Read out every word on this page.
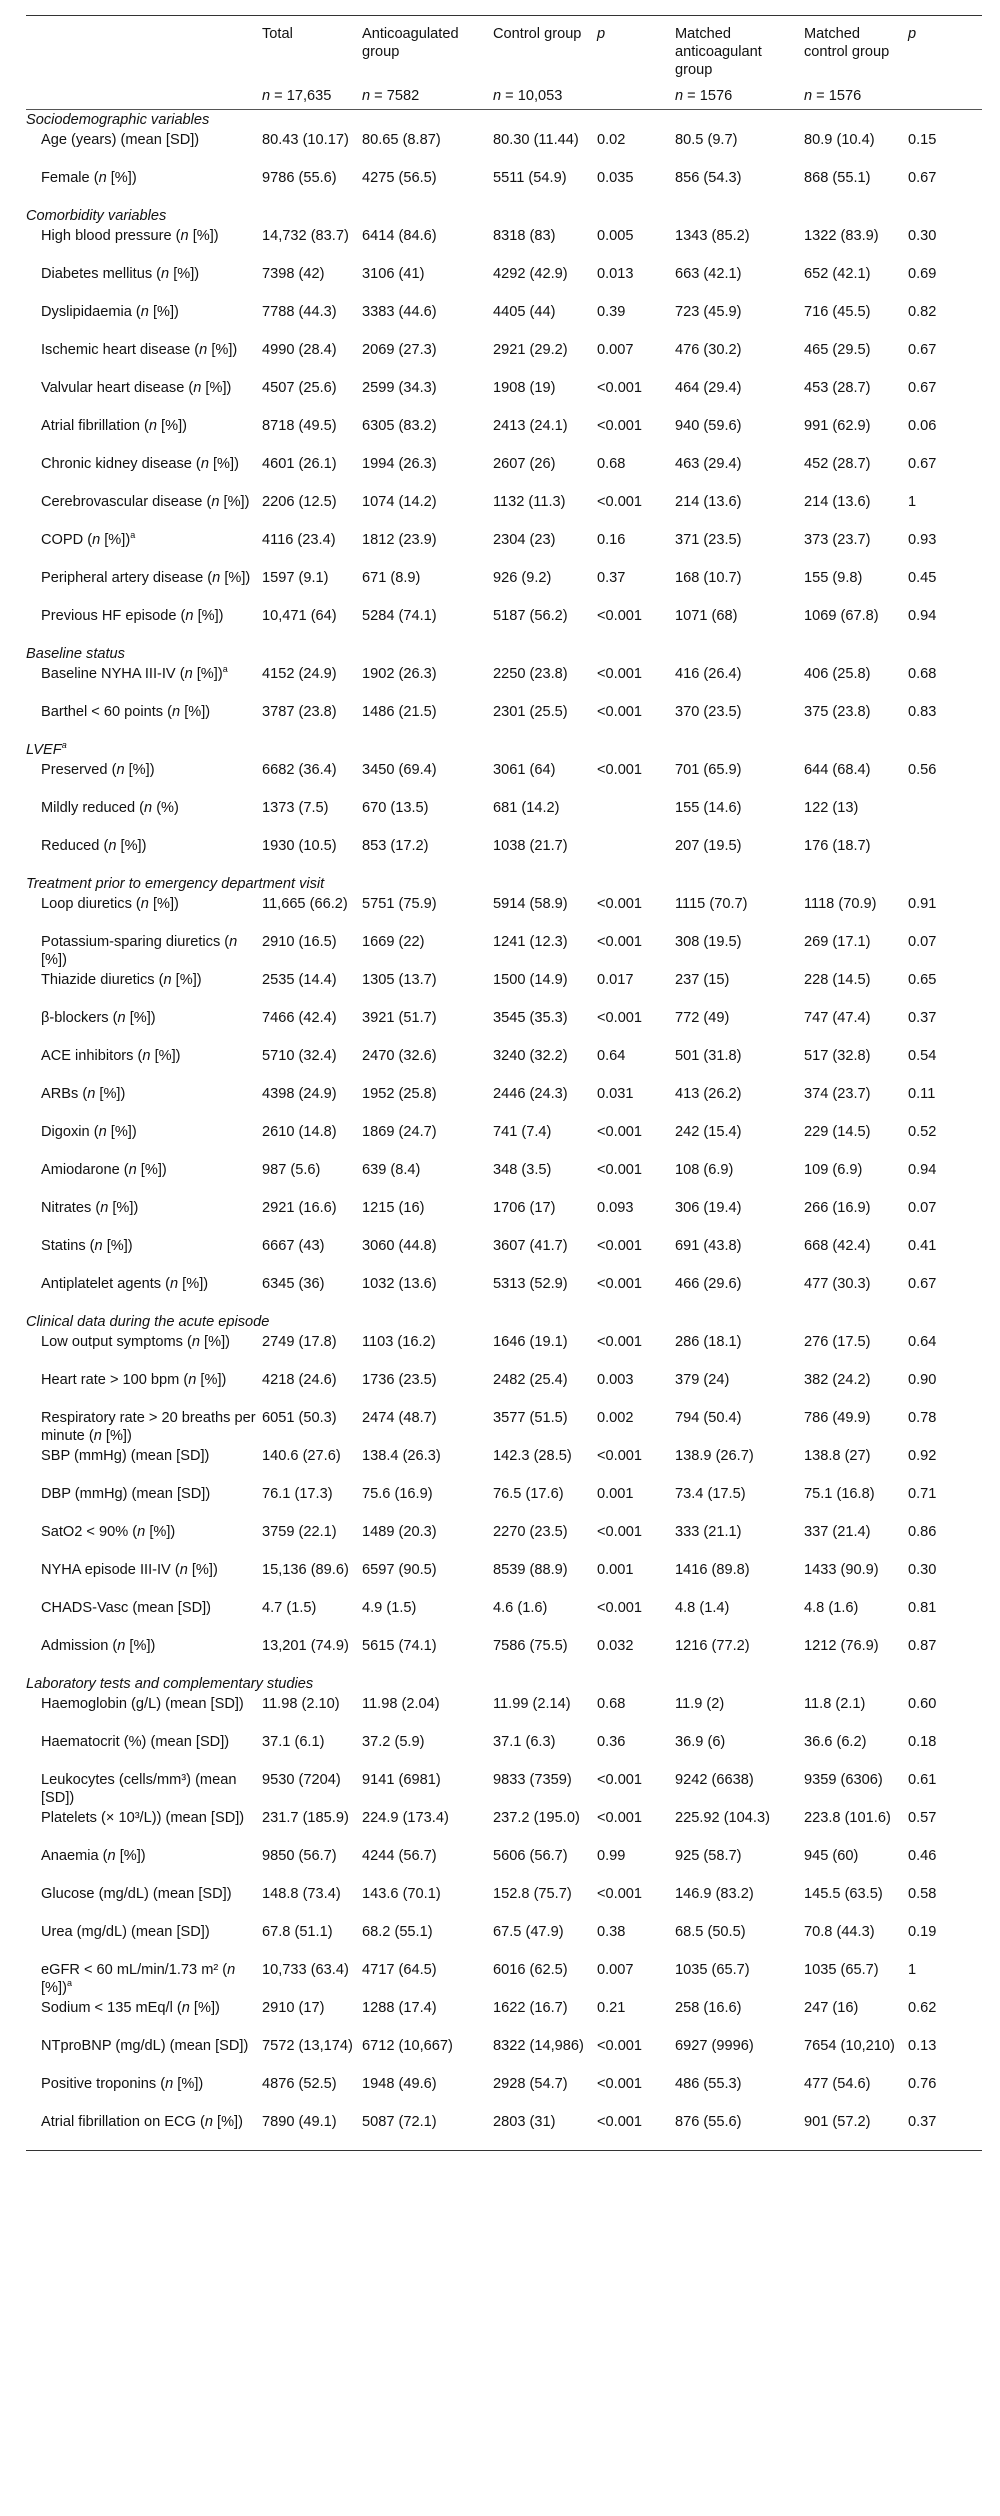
	Total	Anticoagulated group	Control group	p	Matched anticoagulant group	Matched control group	p
	n = 17,635	n = 7582	n = 10,053		n = 1576	n = 1576	
Sociodemographic variables							
Age (years) (mean [SD])	80.43 (10.17)	80.65 (8.87)	80.30 (11.44)	0.02	80.5 (9.7)	80.9 (10.4)	0.15
Female (n [%])	9786 (55.6)	4275 (56.5)	5511 (54.9)	0.035	856 (54.3)	868 (55.1)	0.67
Comorbidity variables							
High blood pressure (n [%])	14,732 (83.7)	6414 (84.6)	8318 (83)	0.005	1343 (85.2)	1322 (83.9)	0.30
Diabetes mellitus (n [%])	7398 (42)	3106 (41)	4292 (42.9)	0.013	663 (42.1)	652 (42.1)	0.69
Dyslipidaemia (n [%])	7788 (44.3)	3383 (44.6)	4405 (44)	0.39	723 (45.9)	716 (45.5)	0.82
Ischemic heart disease (n [%])	4990 (28.4)	2069 (27.3)	2921 (29.2)	0.007	476 (30.2)	465 (29.5)	0.67
Valvular heart disease (n [%])	4507 (25.6)	2599 (34.3)	1908 (19)	<0.001	464 (29.4)	453 (28.7)	0.67
Atrial fibrillation (n [%])	8718 (49.5)	6305 (83.2)	2413 (24.1)	<0.001	940 (59.6)	991 (62.9)	0.06
Chronic kidney disease (n [%])	4601 (26.1)	1994 (26.3)	2607 (26)	0.68	463 (29.4)	452 (28.7)	0.67
Cerebrovascular disease (n [%])	2206 (12.5)	1074 (14.2)	1132 (11.3)	<0.001	214 (13.6)	214 (13.6)	1
COPD (n [%])$^a$	4116 (23.4)	1812 (23.9)	2304 (23)	0.16	371 (23.5)	373 (23.7)	0.93
Peripheral artery disease (n [%])	1597 (9.1)	671 (8.9)	926 (9.2)	0.37	168 (10.7)	155 (9.8)	0.45
Previous HF episode (n [%])	10,471 (64)	5284 (74.1)	5187 (56.2)	<0.001	1071 (68)	1069 (67.8)	0.94
Baseline status							
Baseline NYHA III-IV (n [%])$^a$	4152 (24.9)	1902 (26.3)	2250 (23.8)	<0.001	416 (26.4)	406 (25.8)	0.68
Barthel < 60 points (n [%])	3787 (23.8)	1486 (21.5)	2301 (25.5)	<0.001	370 (23.5)	375 (23.8)	0.83
LVEF$^a$
Preserved (n [%])	6682 (36.4)	3450 (69.4)	3061 (64)	<0.001	701 (65.9)	644 (68.4)	0.56
Mildly reduced (n (%)	1373 (7.5)	670 (13.5)	681 (14.2)		155 (14.6)	122 (13)	
Reduced (n [%])	1930 (10.5)	853 (17.2)	1038 (21.7)		207 (19.5)	176 (18.7)	
Treatment prior to emergency department visit							
Loop diuretics (n [%])	11,665 (66.2)	5751 (75.9)	5914 (58.9)	<0.001	1115 (70.7)	1118 (70.9)	0.91
Potassium-sparing diuretics (n [%])	2910 (16.5)	1669 (22)	1241 (12.3)	<0.001	308 (19.5)	269 (17.1)	0.07
Thiazide diuretics (n [%])	2535 (14.4)	1305 (13.7)	1500 (14.9)	0.017	237 (15)	228 (14.5)	0.65
β-blockers (n [%])	7466 (42.4)	3921 (51.7)	3545 (35.3)	<0.001	772 (49)	747 (47.4)	0.37
ACE inhibitors (n [%])	5710 (32.4)	2470 (32.6)	3240 (32.2)	0.64	501 (31.8)	517 (32.8)	0.54
ARBs (n [%])	4398 (24.9)	1952 (25.8)	2446 (24.3)	0.031	413 (26.2)	374 (23.7)	0.11
Digoxin (n [%])	2610 (14.8)	1869 (24.7)	741 (7.4)	<0.001	242 (15.4)	229 (14.5)	0.52
Amiodarone (n [%])	987 (5.6)	639 (8.4)	348 (3.5)	<0.001	108 (6.9)	109 (6.9)	0.94
Nitrates (n [%])	2921 (16.6)	1215 (16)	1706 (17)	0.093	306 (19.4)	266 (16.9)	0.07
Statins (n [%])	6667 (43)	3060 (44.8)	3607 (41.7)	<0.001	691 (43.8)	668 (42.4)	0.41
Antiplatelet agents (n [%])	6345 (36)	1032 (13.6)	5313 (52.9)	<0.001	466 (29.6)	477 (30.3)	0.67
Clinical data during the acute episode							
Low output symptoms (n [%])	2749 (17.8)	1103 (16.2)	1646 (19.1)	<0.001	286 (18.1)	276 (17.5)	0.64
Heart rate > 100 bpm (n [%])	4218 (24.6)	1736 (23.5)	2482 (25.4)	0.003	379 (24)	382 (24.2)	0.90
Respiratory rate > 20 breaths per minute (n [%])	6051 (50.3)	2474 (48.7)	3577 (51.5)	0.002	794 (50.4)	786 (49.9)	0.78
SBP (mmHg) (mean [SD])	140.6 (27.6)	138.4 (26.3)	142.3 (28.5)	<0.001	138.9 (26.7)	138.8 (27)	0.92
DBP (mmHg) (mean [SD])	76.1 (17.3)	75.6 (16.9)	76.5 (17.6)	0.001	73.4 (17.5)	75.1 (16.8)	0.71
SatO2 < 90% (n [%])	3759 (22.1)	1489 (20.3)	2270 (23.5)	<0.001	333 (21.1)	337 (21.4)	0.86
NYHA episode III-IV (n [%])	15,136 (89.6)	6597 (90.5)	8539 (88.9)	0.001	1416 (89.8)	1433 (90.9)	0.30
CHADS-Vasc (mean [SD])	4.7 (1.5)	4.9 (1.5)	4.6 (1.6)	<0.001	4.8 (1.4)	4.8 (1.6)	0.81
Admission (n [%])	13,201 (74.9)	5615 (74.1)	7586 (75.5)	0.032	1216 (77.2)	1212 (76.9)	0.87
Laboratory tests and complementary studies							
Haemoglobin (g/L) (mean [SD])	11.98 (2.10)	11.98 (2.04)	11.99 (2.14)	0.68	11.9 (2)	11.8 (2.1)	0.60
Haematocrit (%) (mean [SD])	37.1 (6.1)	37.2 (5.9)	37.1 (6.3)	0.36	36.9 (6)	36.6 (6.2)	0.18
Leukocytes (cells/mm³) (mean [SD])	9530 (7204)	9141 (6981)	9833 (7359)	<0.001	9242 (6638)	9359 (6306)	0.61
Platelets (× 10³/L)) (mean [SD])	231.7 (185.9)	224.9 (173.4)	237.2 (195.0)	<0.001	225.92 (104.3)	223.8 (101.6)	0.57
Anaemia (n [%])	9850 (56.7)	4244 (56.7)	5606 (56.7)	0.99	925 (58.7)	945 (60)	0.46
Glucose (mg/dL) (mean [SD])	148.8 (73.4)	143.6 (70.1)	152.8 (75.7)	<0.001	146.9 (83.2)	145.5 (63.5)	0.58
Urea (mg/dL) (mean [SD])	67.8 (51.1)	68.2 (55.1)	67.5 (47.9)	0.38	68.5 (50.5)	70.8 (44.3)	0.19
eGFR < 60 mL/min/1.73 m² (n [%])$^a$	10,733 (63.4)	4717 (64.5)	6016 (62.5)	0.007	1035 (65.7)	1035 (65.7)	1
Sodium < 135 mEq/l (n [%])	2910 (17)	1288 (17.4)	1622 (16.7)	0.21	258 (16.6)	247 (16)	0.62
NTproBNP (mg/dL) (mean [SD])	7572 (13,174)	6712 (10,667)	8322 (14,986)	<0.001	6927 (9996)	7654 (10,210)	0.13
Positive troponins (n [%])	4876 (52.5)	1948 (49.6)	2928 (54.7)	<0.001	486 (55.3)	477 (54.6)	0.76
Atrial fibrillation on ECG (n [%])	7890 (49.1)	5087 (72.1)	2803 (31)	<0.001	876 (55.6)	901 (57.2)	0.37
